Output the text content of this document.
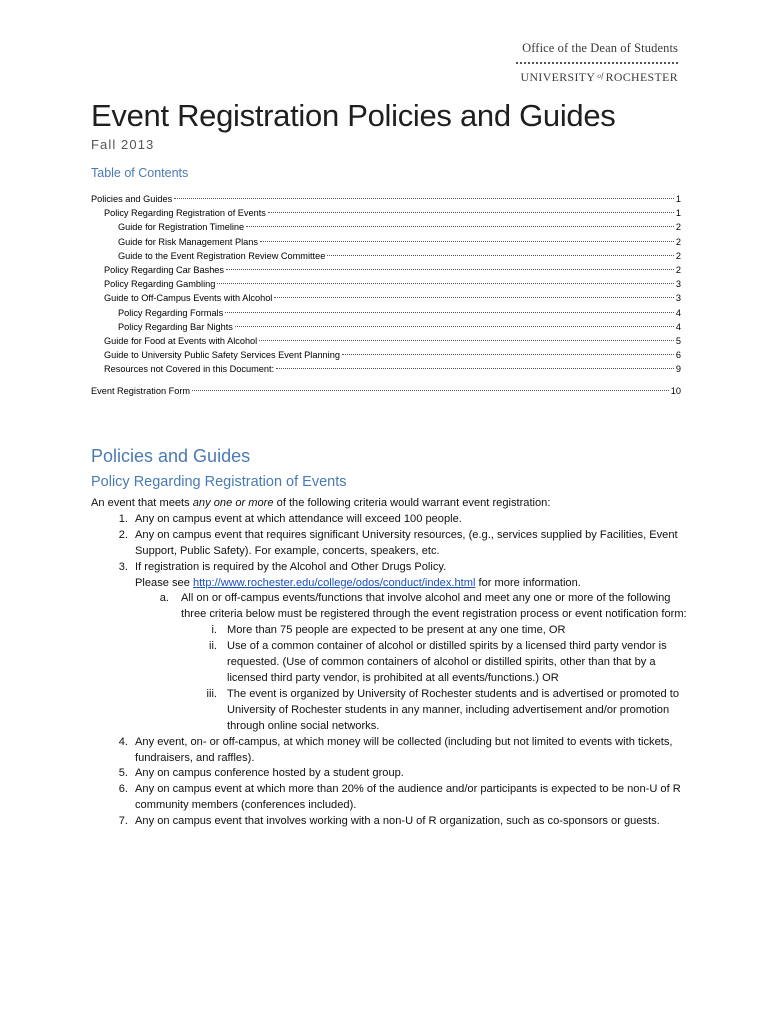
Office of the Dean of Students
UNIVERSITY $^{of}$ ROCHESTER
Event Registration Policies and Guides
Fall 2013
Table of Contents
Policies and Guides	1
Policy Regarding Registration of Events	1
Guide for Registration Timeline	2
Guide for Risk Management Plans	2
Guide to the Event Registration Review Committee	2
Policy Regarding Car Bashes	2
Policy Regarding Gambling	3
Guide to Off-Campus Events with Alcohol	3
Policy Regarding Formals	4
Policy Regarding Bar Nights	4
Guide for Food at Events with Alcohol	5
Guide to University Public Safety Services Event Planning	6
Resources not Covered in this Document:	9
Event Registration Form	10
Policies and Guides
Policy Regarding Registration of Events

An event that meets any one or more of the following criteria would warrant event registration:

1. Any on campus event at which attendance will exceed 100 people.
2. Any on campus event that requires significant University resources, (e.g., services supplied by Facilities, Event Support, Public Safety). For example, concerts, speakers, etc.
3. If registration is required by the Alcohol and Other Drugs Policy.
Please see http://www.rochester.edu/college/odos/conduct/index.html for more information.
a. All on or off-campus events/functions that involve alcohol and meet any one or more of the following three criteria below must be registered through the event registration process or event notification form:
i. More than 75 people are expected to be present at any one time, OR
ii. Use of a common container of alcohol or distilled spirits by a licensed third party vendor is requested. (Use of common containers of alcohol or distilled spirits, other than that by a licensed third party vendor, is prohibited at all events/functions.) OR
iii. The event is organized by University of Rochester students and is advertised or promoted to University of Rochester students in any manner, including advertisement and/or promotion through online social networks.
4. Any event, on- or off-campus, at which money will be collected (including but not limited to events with tickets, fundraisers, and raffles).
5. Any on campus conference hosted by a student group.
6. Any on campus event at which more than 20% of the audience and/or participants is expected to be non-U of R community members (conferences included).
7. Any on campus event that involves working with a non-U of R organization, such as co-sponsors or guests.
